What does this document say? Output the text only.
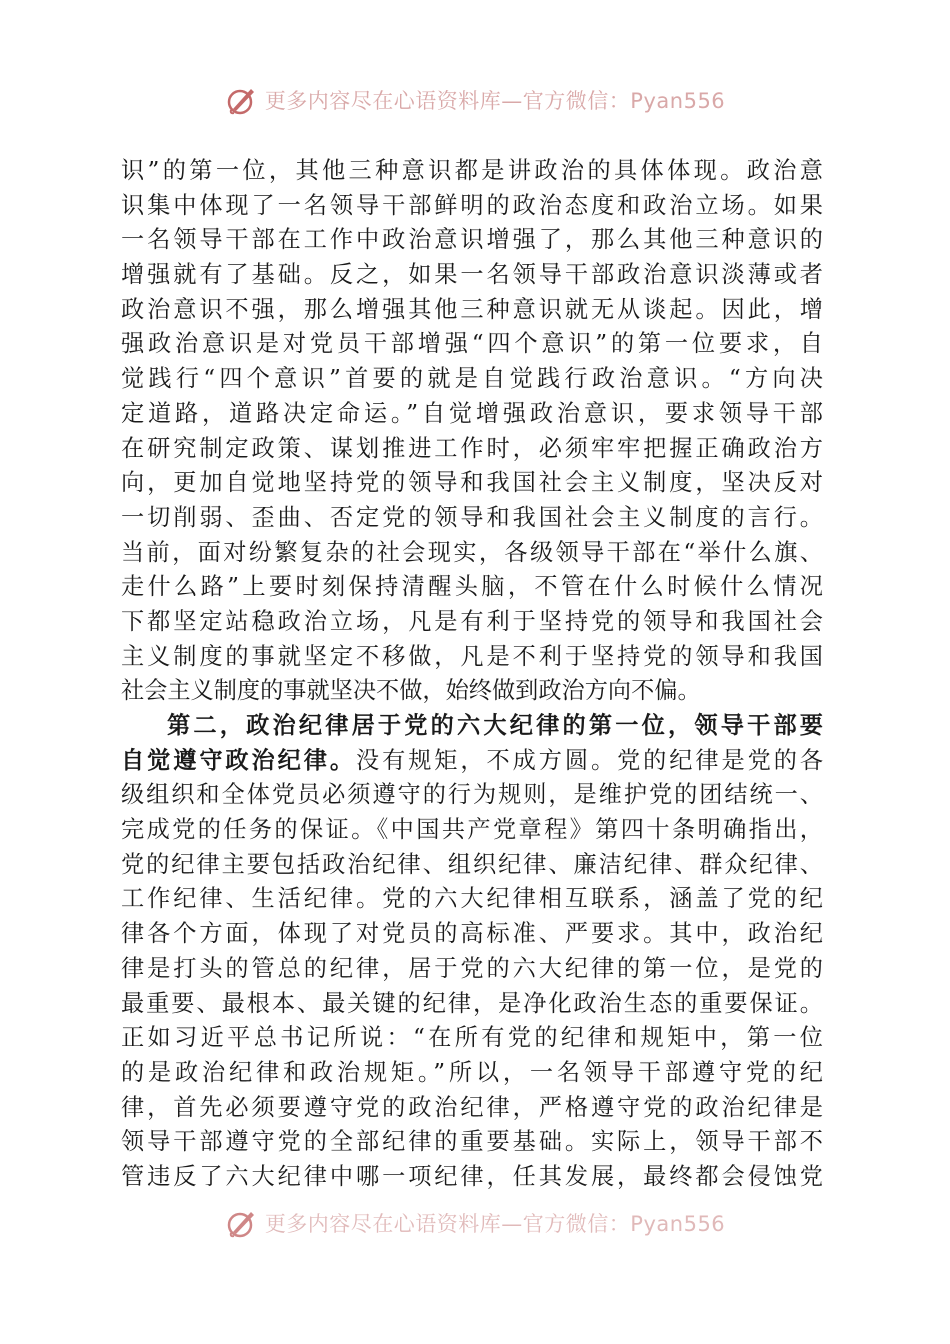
更多内容尽在心语资料库—官方微信：Pyan556
识”的第一位，其他三种意识都是讲政治的具体体现。政治意
识集中体现了一名领导干部鲜明的政治态度和政治立场。如果
一名领导干部在工作中政治意识增强了，那么其他三种意识的
增强就有了基础。反之，如果一名领导干部政治意识淡薄或者
政治意识不强，那么增强其他三种意识就无从谈起。因此，增
强政治意识是对党员干部增强“四个意识”的第一位要求，自
觉践行“四个意识”首要的就是自觉践行政治意识。“方向决
定道路，道路决定命运。”自觉增强政治意识，要求领导干部
在研究制定政策、谋划推进工作时，必须牢牢把握正确政治方
向，更加自觉地坚持党的领导和我国社会主义制度，坚决反对
一切削弱、歪曲、否定党的领导和我国社会主义制度的言行。
当前，面对纷繁复杂的社会现实，各级领导干部在“举什么旗、
走什么路”上要时刻保持清醒头脑，不管在什么时候什么情况
下都坚定站稳政治立场，凡是有利于坚持党的领导和我国社会
主义制度的事就坚定不移做，凡是不利于坚持党的领导和我国
社会主义制度的事就坚决不做，始终做到政治方向不偏。
第二，政治纪律居于党的六大纪律的第一位，领导干部要
自觉遵守政治纪律。没有规矩，不成方圆。党的纪律是党的各
级组织和全体党员必须遵守的行为规则，是维护党的团结统一、
完成党的任务的保证。《中国共产党章程》第四十条明确指出，
党的纪律主要包括政治纪律、组织纪律、廉洁纪律、群众纪律、
工作纪律、生活纪律。党的六大纪律相互联系，涵盖了党的纪
律各个方面，体现了对党员的高标准、严要求。其中，政治纪
律是打头的管总的纪律，居于党的六大纪律的第一位，是党的
最重要、最根本、最关键的纪律，是净化政治生态的重要保证。
正如习近平总书记所说：“在所有党的纪律和规矩中，第一位
的是政治纪律和政治规矩。”所以，一名领导干部遵守党的纪
律，首先必须要遵守党的政治纪律，严格遵守党的政治纪律是
领导干部遵守党的全部纪律的重要基础。实际上，领导干部不
管违反了六大纪律中哪一项纪律，任其发展，最终都会侵蚀党
更多内容尽在心语资料库—官方微信：Pyan556
